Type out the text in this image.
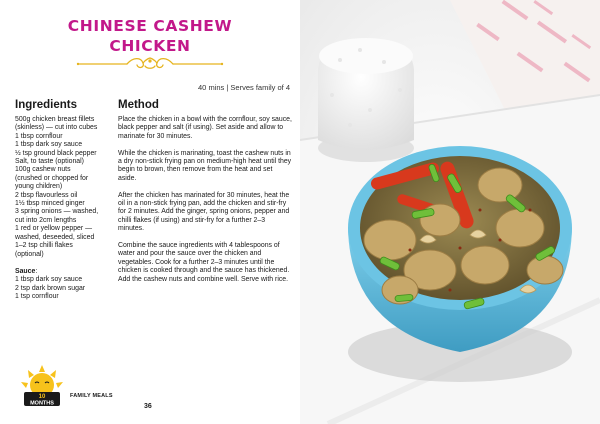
CHINESE CASHEW
CHICKEN
40 mins | Serves family of 4
Ingredients	Method
500g chicken breast fillets
(skinless) — cut into cubes
1 tbsp cornflour
1 tbsp dark soy sauce
½ tsp ground black pepper
Salt, to taste (optional)
100g cashew nuts
(crushed or chopped for
young children)
2 tbsp flavourless oil
1½ tbsp minced ginger
3 spring onions — washed,
cut into 2cm lengths
1 red or yellow pepper —
washed, deseeded, sliced
1–2 tsp chilli flakes
(optional)
Sauce:
1 tbsp dark soy sauce
2 tsp dark brown sugar
1 tsp cornflour

Place the chicken in a bowl with the cornflour, soy sauce, black pepper and salt (if using). Set aside and allow to marinate for 30 minutes.

While the chicken is marinating, toast the cashew nuts in a dry non-stick frying pan on medium-high heat until they begin to brown, then remove from the heat and set aside.

After the chicken has marinated for 30 minutes, heat the oil in a non-stick frying pan, add the chicken and stir-fry for 2 minutes. Add the ginger, spring onions, pepper and chilli flakes (if using) and stir-fry for a further 2–3 minutes.

Combine the sauce ingredients with 4 tablespoons of water and pour the sauce over the chicken and vegetables. Cook for a further 2–3 minutes until the chicken is cooked through and the sauce has thickened. Add the cashew nuts and combine well. Serve with rice.

10
MONTHS
FAMILY MEALS
36
